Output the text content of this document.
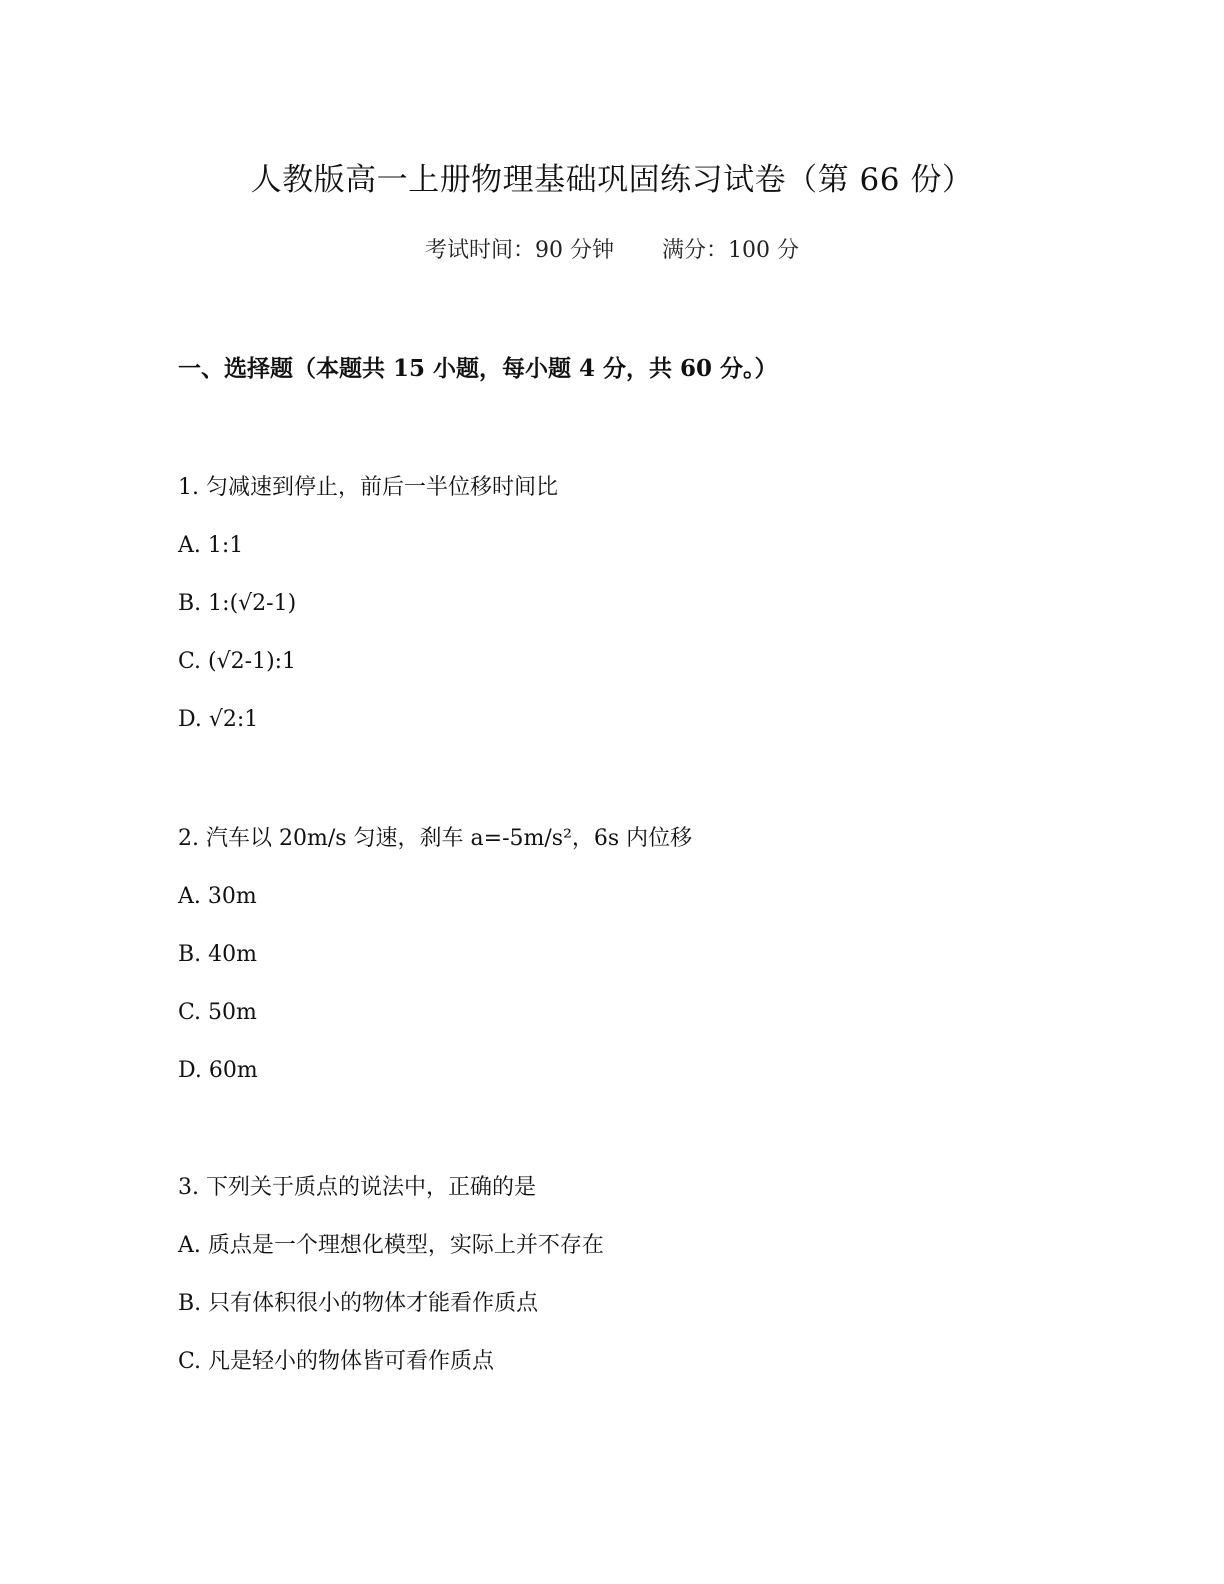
人教版高一上册物理基础巩固练习试卷（第 66 份）
考试时间：90 分钟 满分：100 分
一、选择题（本题共 15 小题，每小题 4 分，共 60 分。）
1. 匀减速到停止，前后一半位移时间比
A. 1:1
B. 1:(√2-1)
C. (√2-1):1
D. √2:1
2. 汽车以 20m/s 匀速，刹车 a=-5m/s²，6s 内位移
A. 30m
B. 40m
C. 50m
D. 60m
3. 下列关于质点的说法中，正确的是
A. 质点是一个理想化模型，实际上并不存在
B. 只有体积很小的物体才能看作质点
C. 凡是轻小的物体皆可看作质点
